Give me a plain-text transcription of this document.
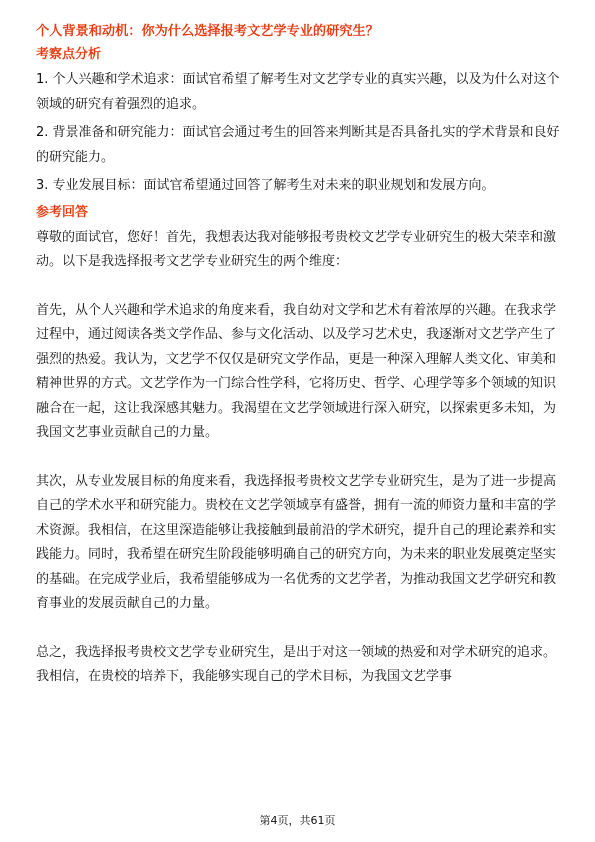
个人背景和动机：你为什么选择报考文艺学专业的研究生？

考察点分析

1. 个人兴趣和学术追求：面试官希望了解考生对文艺学专业的真实兴趣，以及为什么对这个领域的研究有着强烈的追求。

2. 背景准备和研究能力：面试官会通过考生的回答来判断其是否具备扎实的学术背景和良好的研究能力。

3. 专业发展目标：面试官希望通过回答了解考生对未来的职业规划和发展方向。

参考回答

尊敬的面试官，您好！首先，我想表达我对能够报考贵校文艺学专业研究生的极大荣幸和激动。以下是我选择报考文艺学专业研究生的两个维度：

首先，从个人兴趣和学术追求的角度来看，我自幼对文学和艺术有着浓厚的兴趣。在我求学过程中，通过阅读各类文学作品、参与文化活动、以及学习艺术史，我逐渐对文艺学产生了强烈的热爱。我认为，文艺学不仅仅是研究文学作品，更是一种深入理解人类文化、审美和精神世界的方式。文艺学作为一门综合性学科，它将历史、哲学、心理学等多个领域的知识融合在一起，这让我深感其魅力。我渴望在文艺学领域进行深入研究，以探索更多未知，为我国文艺事业贡献自己的力量。

其次，从专业发展目标的角度来看，我选择报考贵校文艺学专业研究生，是为了进一步提高自己的学术水平和研究能力。贵校在文艺学领域享有盛誉，拥有一流的师资力量和丰富的学术资源。我相信，在这里深造能够让我接触到最前沿的学术研究，提升自己的理论素养和实践能力。同时，我希望在研究生阶段能够明确自己的研究方向，为未来的职业发展奠定坚实的基础。在完成学业后，我希望能够成为一名优秀的文艺学者，为推动我国文艺学研究和教育事业的发展贡献自己的力量。

总之，我选择报考贵校文艺学专业研究生，是出于对这一领域的热爱和对学术研究的追求。我相信，在贵校的培养下，我能够实现自己的学术目标，为我国文艺学事

第4页，共61页
